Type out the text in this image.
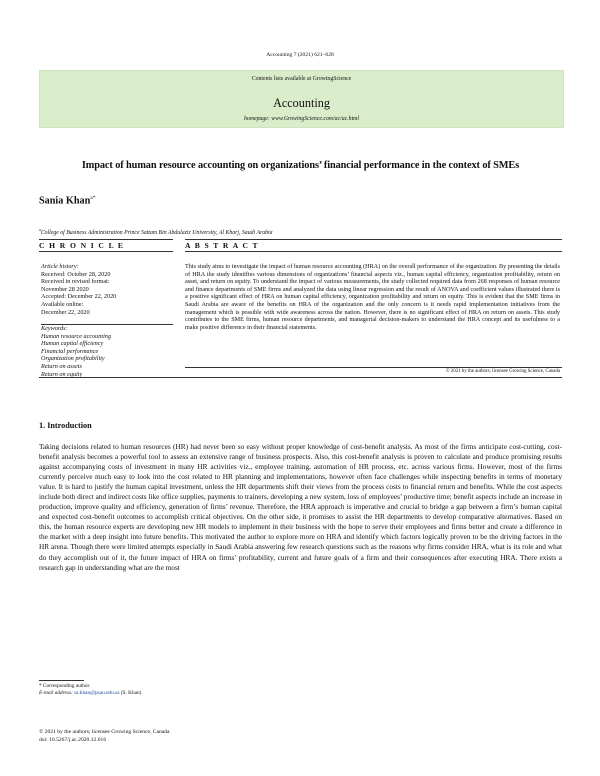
Accounting 7 (2021) 621–628
Contents lists available at GrowingScience
Accounting
homepage: www.GrowingScience.com/ac/ac.html
Impact of human resource accounting on organizations’ financial performance in the context of SMEs
Sania Khan$^{a*}$
$^a$College of Business Administration Prince Sattam Bin Abdulaziz University, Al Kharj, Saudi Arabia
C H R O N I C L E	A B S T R A C T
Article history:
Received: October 28, 2020
Received in revised format:
November 28 2020
Accepted: December 22, 2020
Available online:
December 22, 2020
Keywords:
Human resource accounting
Human capital efficiency
Financial performance
Organization profitability
Return on assets
Return on equity
This study aims to investigate the impact of human resource accounting (HRA) on the overall performance of the organization. By presenting the details of HRA the study identifies various dimensions of organizations’ financial aspects viz., human capital efficiency, organization profitability, return on asset, and return on equity. To understand the impact of various measurements, the study collected required data from 268 responses of human resource and finance departments of SME firms and analyzed the data using linear regression and the result of ANOVA and coefficient values illustrated there is a positive significant effect of HRA on human capital efficiency, organization profitability and return on equity. This is evident that the SME firms in Saudi Arabia are aware of the benefits on HRA of the organization and the only concern is it needs rapid implementation initiatives from the management which is possible with wide awareness across the nation. However, there is no significant effect of HRA on return on assets. This study contributes to the SME firms, human resource departments, and managerial decision-makers to understand the HRA concept and its usefulness to a make positive difference in their financial statements.
© 2021 by the authors; licensee Growing Science, Canada
1. Introduction
Taking decisions related to human resources (HR) had never been so easy without proper knowledge of cost-benefit analysis. As most of the firms anticipate cost-cutting, cost-benefit analysis becomes a powerful tool to assess an extensive range of business prospects. Also, this cost-benefit analysis is proven to calculate and produce promising results against accompanying costs of investment in many HR activities viz., employee training, automation of HR process, etc. across various firms. However, most of the firms currently perceive much easy to look into the cost related to HR planning and implementations, however often face challenges while inspecting benefits in terms of monetary value. It is hard to justify the human capital investment, unless the HR departments shift their views from the process costs to financial return and benefits. While the cost aspects include both direct and indirect costs like office supplies, payments to trainers, developing a new system, loss of employees’ productive time; benefit aspects include an increase in production, improve quality and efficiency, generation of firms’ revenue. Therefore, the HRA approach is imperative and crucial to bridge a gap between a firm’s human capital and expected cost-benefit outcomes to accomplish critical objectives. On the other side, it promises to assist the HR departments to develop comparative alternatives. Based on this, the human resource experts are developing new HR models to implement in their business with the hope to serve their employees and firms better and create a difference in the market with a deep insight into future benefits. This motivated the author to explore more on HRA and identify which factors logically proven to be the driving factors in the HR arena. Though there were limited attempts especially in Saudi Arabia answering few research questions such as the reasons why firms consider HRA, what is its role and what do they accomplish out of it, the future impact of HRA on firms’ profitability, current and future goals of a firm and their consequences after executing HRA. There exists a research gap in understanding what are the most
* Corresponding author.
E-mail address: sa.khan@psau.edu.sa (S. Khan)
© 2021 by the authors; licensee Growing Science, Canada
doi: 10.5267/j.ac.2020.12.016
